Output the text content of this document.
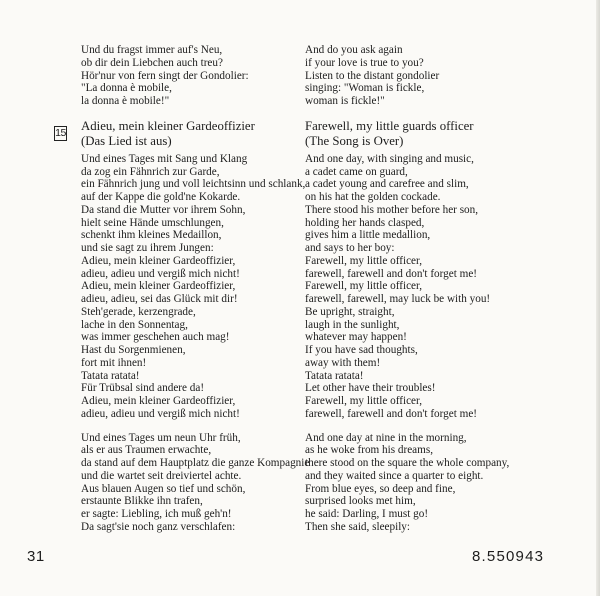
15
Und du fragst immer auf's Neu,
ob dir dein Liebchen auch treu?
Hör'nur von fern singt der Gondolier:
"La donna è mobile,
la donna è mobile!"
Adieu, mein kleiner Gardeoffizier
(Das Lied ist aus)
Und eines Tages mit Sang und Klang
da zog ein Fähnrich zur Garde,
ein Fähnrich jung und voll leichtsinn und schlank,
auf der Kappe die gold'ne Kokarde.
Da stand die Mutter vor ihrem Sohn,
hielt seine Hände umschlungen,
schenkt ihm kleines Medaillon,
und sie sagt zu ihrem Jungen:
Adieu, mein kleiner Gardeoffizier,
adieu, adieu und vergiß mich nicht!
Adieu, mein kleiner Gardeoffizier,
adieu, adieu, sei das Glück mit dir!
Steh'gerade, kerzengrade,
lache in den Sonnentag,
was immer geschehen auch mag!
Hast du Sorgenmienen,
fort mit ihnen!
Tatata ratata!
Für Trübsal sind andere da!
Adieu, mein kleiner Gardeoffizier,
adieu, adieu und vergiß mich nicht!
Und eines Tages um neun Uhr früh,
als er aus Traumen erwachte,
da stand auf dem Hauptplatz die ganze Kompagnie
und die wartet seit dreiviertel achte.
Aus blauen Augen so tief und schön,
erstaunte Blikke ihn trafen,
er sagte: Liebling, ich muß geh'n!
Da sagt'sie noch ganz verschlafen:
And do you ask again
if your love is true to you?
Listen to the distant gondolier
singing: "Woman is fickle,
woman is fickle!"
Farewell, my little guards officer
(The Song is Over)
And one day, with singing and music,
a cadet came on guard,
a cadet young and carefree and slim,
on his hat the golden cockade.
There stood his mother before her son,
holding her hands clasped,
gives him a little medallion,
and says to her boy:
Farewell, my little officer,
farewell, farewell and don't forget me!
Farewell, my little officer,
farewell, farewell, may luck be with you!
Be upright, straight,
laugh in the sunlight,
whatever may happen!
If you have sad thoughts,
away with them!
Tatata ratata!
Let other have their troubles!
Farewell, my little officer,
farewell, farewell and don't forget me!
And one day at nine in the morning,
as he woke from his dreams,
there stood on the square the whole company,
and they waited since a quarter to eight.
From blue eyes, so deep and fine,
surprised looks met him,
he said: Darling, I must go!
Then she said, sleepily:
31	8.550943
